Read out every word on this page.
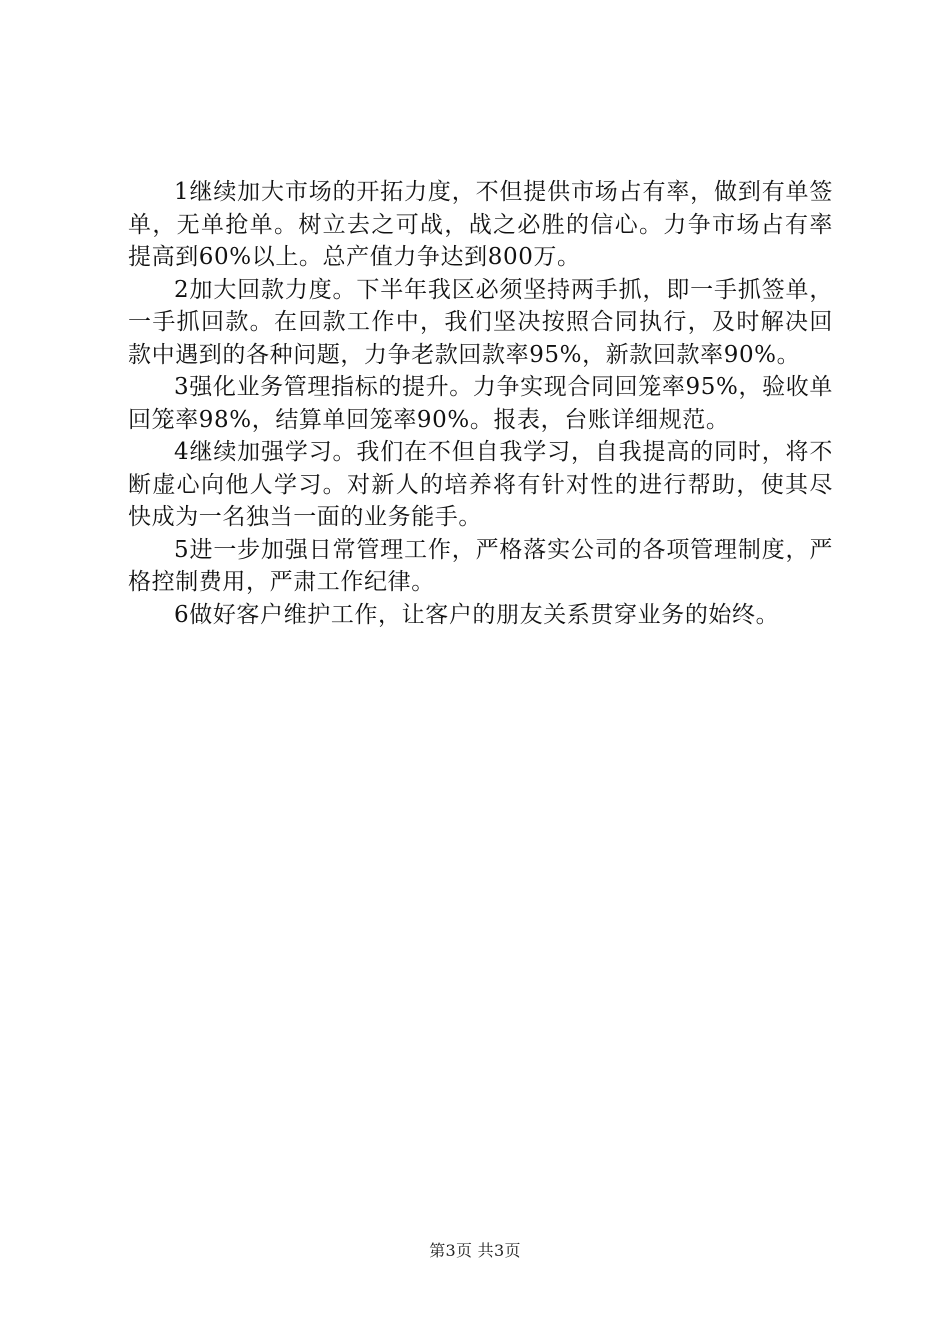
1继续加大市场的开拓力度，不但提供市场占有率，做到有单签单，无单抢单。树立去之可战，战之必胜的信心。力争市场占有率提高到60%以上。总产值力争达到800万。

2加大回款力度。下半年我区必须坚持两手抓，即一手抓签单，一手抓回款。在回款工作中，我们坚决按照合同执行，及时解决回款中遇到的各种问题，力争老款回款率95%，新款回款率90%。

3强化业务管理指标的提升。力争实现合同回笼率95%，验收单回笼率98%，结算单回笼率90%。报表，台账详细规范。

4继续加强学习。我们在不但自我学习，自我提高的同时，将不断虚心向他人学习。对新人的培养将有针对性的进行帮助，使其尽快成为一名独当一面的业务能手。

5进一步加强日常管理工作，严格落实公司的各项管理制度，严格控制费用，严肃工作纪律。

6做好客户维护工作，让客户的朋友关系贯穿业务的始终。

第3页 共3页
